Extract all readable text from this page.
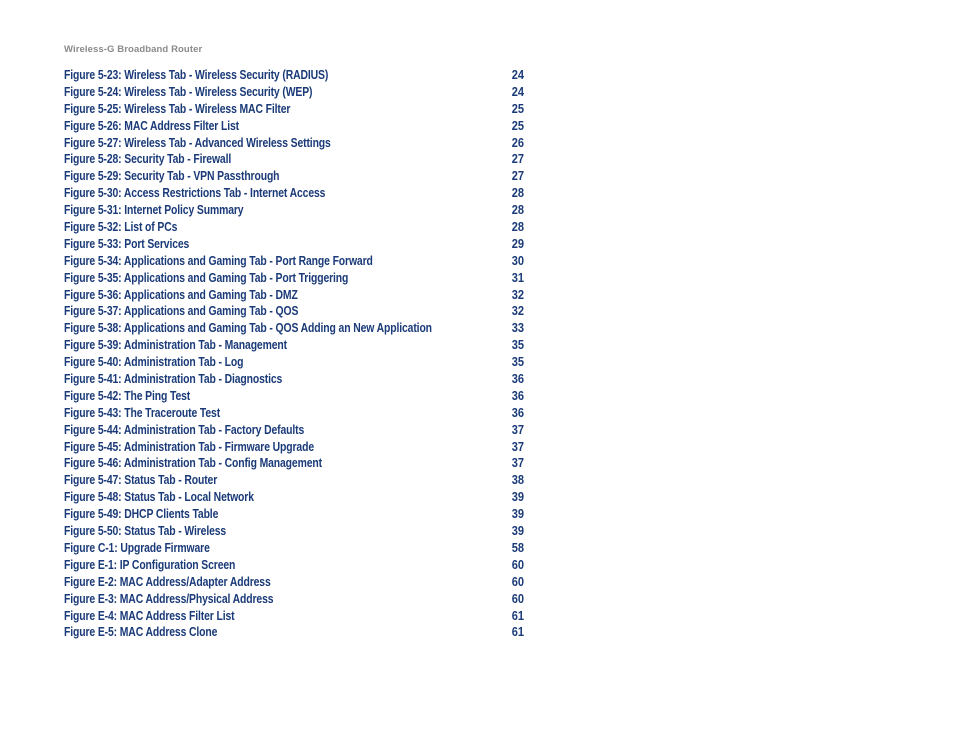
Wireless-G Broadband Router
Figure 5-23: Wireless Tab - Wireless Security (RADIUS)	24
Figure 5-24: Wireless Tab - Wireless Security (WEP)	24
Figure 5-25: Wireless Tab - Wireless MAC Filter	25
Figure 5-26: MAC Address Filter List	25
Figure 5-27: Wireless Tab - Advanced Wireless Settings	26
Figure 5-28: Security Tab - Firewall	27
Figure 5-29: Security Tab - VPN Passthrough	27
Figure 5-30: Access Restrictions Tab - Internet Access	28
Figure 5-31: Internet Policy Summary	28
Figure 5-32: List of PCs	28
Figure 5-33: Port Services	29
Figure 5-34: Applications and Gaming Tab - Port Range Forward	30
Figure 5-35: Applications and Gaming Tab - Port Triggering	31
Figure 5-36: Applications and Gaming Tab - DMZ	32
Figure 5-37: Applications and Gaming Tab - QOS	32
Figure 5-38: Applications and Gaming Tab - QOS Adding an New Application	33
Figure 5-39: Administration Tab - Management	35
Figure 5-40: Administration Tab - Log	35
Figure 5-41: Administration Tab - Diagnostics	36
Figure 5-42: The Ping Test	36
Figure 5-43: The Traceroute Test	36
Figure 5-44: Administration Tab - Factory Defaults	37
Figure 5-45: Administration Tab - Firmware Upgrade	37
Figure 5-46: Administration Tab - Config Management	37
Figure 5-47: Status Tab - Router	38
Figure 5-48: Status Tab - Local Network	39
Figure 5-49: DHCP Clients Table	39
Figure 5-50: Status Tab - Wireless	39
Figure C-1: Upgrade Firmware	58
Figure E-1: IP Configuration Screen	60
Figure E-2: MAC Address/Adapter Address	60
Figure E-3: MAC Address/Physical Address	60
Figure E-4: MAC Address Filter List	61
Figure E-5: MAC Address Clone	61
